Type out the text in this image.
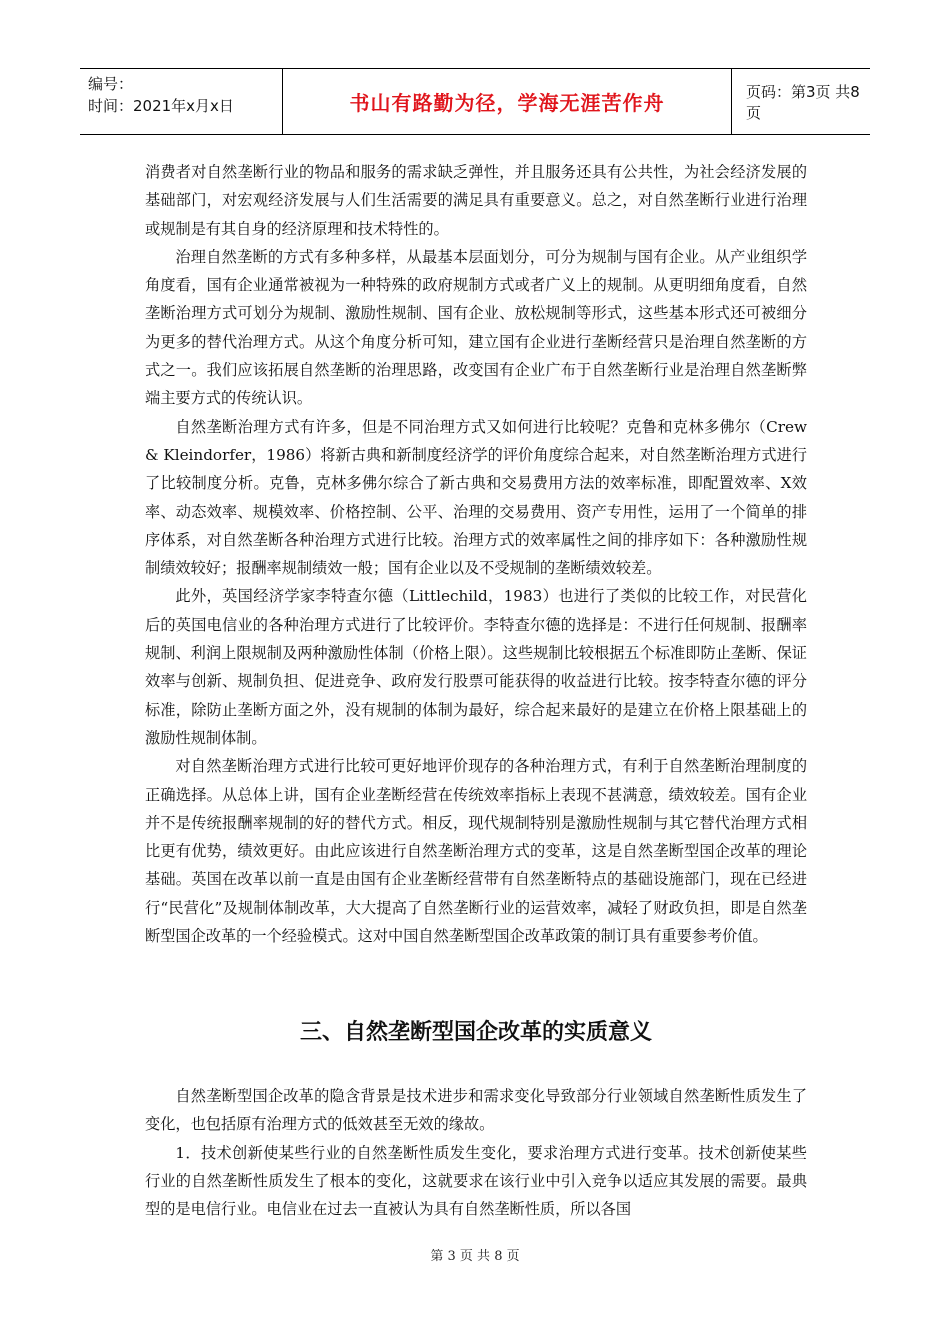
编号：
时间：2021年x月x日	书山有路勤为径，学海无涯苦作舟	页码：第3页 共8页

消费者对自然垄断行业的物品和服务的需求缺乏弹性，并且服务还具有公共性，为社会经济发展的基础部门，对宏观经济发展与人们生活需要的满足具有重要意义。总之，对自然垄断行业进行治理或规制是有其自身的经济原理和技术特性的。

治理自然垄断的方式有多种多样，从最基本层面划分，可分为规制与国有企业。从产业组织学角度看，国有企业通常被视为一种特殊的政府规制方式或者广义上的规制。从更明细角度看，自然垄断治理方式可划分为规制、激励性规制、国有企业、放松规制等形式，这些基本形式还可被细分为更多的替代治理方式。从这个角度分析可知，建立国有企业进行垄断经营只是治理自然垄断的方式之一。我们应该拓展自然垄断的治理思路，改变国有企业广布于自然垄断行业是治理自然垄断弊端主要方式的传统认识。

自然垄断治理方式有许多，但是不同治理方式又如何进行比较呢？克鲁和克林多佛尔（Crew & Kleindorfer，1986）将新古典和新制度经济学的评价角度综合起来，对自然垄断治理方式进行了比较制度分析。克鲁，克林多佛尔综合了新古典和交易费用方法的效率标准，即配置效率、X效率、动态效率、规模效率、价格控制、公平、治理的交易费用、资产专用性，运用了一个简单的排序体系，对自然垄断各种治理方式进行比较。治理方式的效率属性之间的排序如下：各种激励性规制绩效较好；报酬率规制绩效一般；国有企业以及不受规制的垄断绩效较差。

此外，英国经济学家李特查尔德（Littlechild，1983）也进行了类似的比较工作，对民营化后的英国电信业的各种治理方式进行了比较评价。李特查尔德的选择是：不进行任何规制、报酬率规制、利润上限规制及两种激励性体制（价格上限）。这些规制比较根据五个标准即防止垄断、保证效率与创新、规制负担、促进竞争、政府发行股票可能获得的收益进行比较。按李特查尔德的评分标准，除防止垄断方面之外，没有规制的体制为最好，综合起来最好的是建立在价格上限基础上的激励性规制体制。

对自然垄断治理方式进行比较可更好地评价现存的各种治理方式，有利于自然垄断治理制度的正确选择。从总体上讲，国有企业垄断经营在传统效率指标上表现不甚满意，绩效较差。国有企业并不是传统报酬率规制的好的替代方式。相反，现代规制特别是激励性规制与其它替代治理方式相比更有优势，绩效更好。由此应该进行自然垄断治理方式的变革，这是自然垄断型国企改革的理论基础。英国在改革以前一直是由国有企业垄断经营带有自然垄断特点的基础设施部门，现在已经进行“民营化”及规制体制改革，大大提高了自然垄断行业的运营效率，减轻了财政负担，即是自然垄断型国企改革的一个经验模式。这对中国自然垄断型国企改革政策的制订具有重要参考价值。

三、自然垄断型国企改革的实质意义

自然垄断型国企改革的隐含背景是技术进步和需求变化导致部分行业领域自然垄断性质发生了变化，也包括原有治理方式的低效甚至无效的缘故。

1．技术创新使某些行业的自然垄断性质发生变化，要求治理方式进行变革。技术创新使某些行业的自然垄断性质发生了根本的变化，这就要求在该行业中引入竞争以适应其发展的需要。最典型的是电信行业。电信业在过去一直被认为具有自然垄断性质，所以各国

第 3 页 共 8 页
